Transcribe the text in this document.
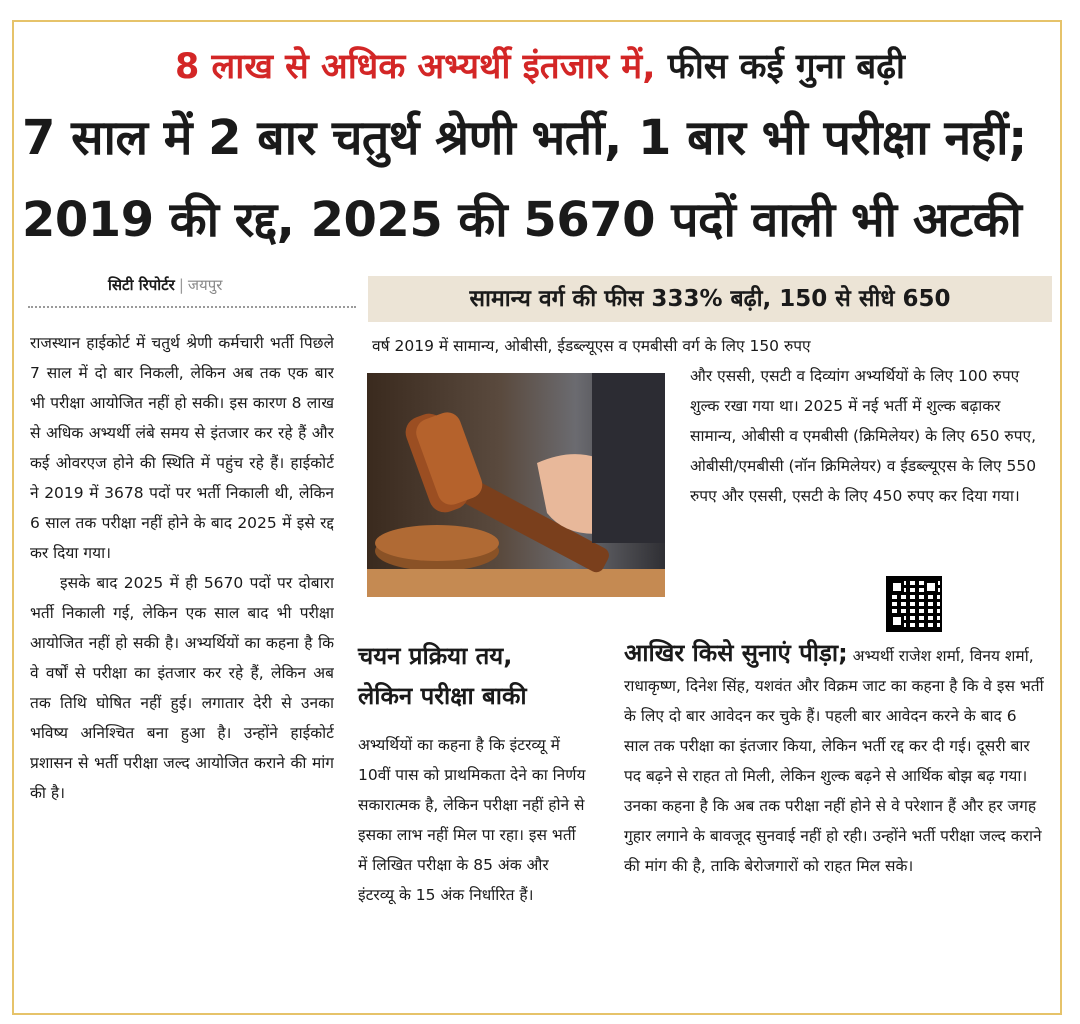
8 लाख से अधिक अभ्यर्थी इंतजार में, फीस कई गुना बढ़ी
7 साल में 2 बार चतुर्थ श्रेणी भर्ती, 1 बार भी परीक्षा नहीं;
2019 की रद्द, 2025 की 5670 पदों वाली भी अटकी
सिटी रिपोर्टर | जयपुर
सामान्य वर्ग की फीस 333% बढ़ी, 150 से सीधे 650

राजस्थान हाईकोर्ट में चतुर्थ श्रेणी कर्मचारी भर्ती पिछले 7 साल में दो बार निकली, लेकिन अब तक एक बार भी परीक्षा आयोजित नहीं हो सकी। इस कारण 8 लाख से अधिक अभ्यर्थी लंबे समय से इंतजार कर रहे हैं और कई ओवरएज होने की स्थिति में पहुंच रहे हैं। हाईकोर्ट ने 2019 में 3678 पदों पर भर्ती निकाली थी, लेकिन 6 साल तक परीक्षा नहीं होने के बाद 2025 में इसे रद्द कर दिया गया।

इसके बाद 2025 में ही 5670 पदों पर दोबारा भर्ती निकाली गई, लेकिन एक साल बाद भी परीक्षा आयोजित नहीं हो सकी है। अभ्यर्थियों का कहना है कि वे वर्षों से परीक्षा का इंतजार कर रहे हैं, लेकिन अब तक तिथि घोषित नहीं हुई। लगातार देरी से उनका भविष्य अनिश्चित बना हुआ है। उन्होंने हाईकोर्ट प्रशासन से भर्ती परीक्षा जल्द आयोजित कराने की मांग की है।

वर्ष 2019 में सामान्य, ओबीसी, ईडब्ल्यूएस व एमबीसी वर्ग के लिए 150 रुपए
और एससी, एसटी व दिव्यांग अभ्यर्थियों के लिए 100 रुपए शुल्क रखा गया था। 2025 में नई भर्ती में शुल्क बढ़ाकर सामान्य, ओबीसी व एमबीसी (क्रिमिलेयर) के लिए 650 रुपए, ओबीसी/एमबीसी (नॉन क्रिमिलेयर) व ईडब्ल्यूएस के लिए 550 रुपए और एससी, एसटी के लिए 450 रुपए कर दिया गया।
चयन प्रक्रिया तय,
लेकिन परीक्षा बाकी
अभ्यर्थियों का कहना है कि इंटरव्यू में 10वीं पास को प्राथमिकता देने का निर्णय सकारात्मक है, लेकिन परीक्षा नहीं होने से इसका लाभ नहीं मिल पा रहा। इस भर्ती में लिखित परीक्षा के 85 अंक और इंटरव्यू के 15 अंक निर्धारित हैं।
आखिर किसे सुनाएं पीड़ा; अभ्यर्थी राजेश शर्मा, विनय शर्मा, राधाकृष्ण, दिनेश सिंह, यशवंत और विक्रम जाट का कहना है कि वे इस भर्ती के लिए दो बार आवेदन कर चुके हैं। पहली बार आवेदन करने के बाद 6 साल तक परीक्षा का इंतजार किया, लेकिन भर्ती रद्द कर दी गई। दूसरी बार पद बढ़ने से राहत तो मिली, लेकिन शुल्क बढ़ने से आर्थिक बोझ बढ़ गया। उनका कहना है कि अब तक परीक्षा नहीं होने से वे परेशान हैं और हर जगह गुहार लगाने के बावजूद सुनवाई नहीं हो रही। उन्होंने भर्ती परीक्षा जल्द कराने की मांग की है, ताकि बेरोजगारों को राहत मिल सके।
